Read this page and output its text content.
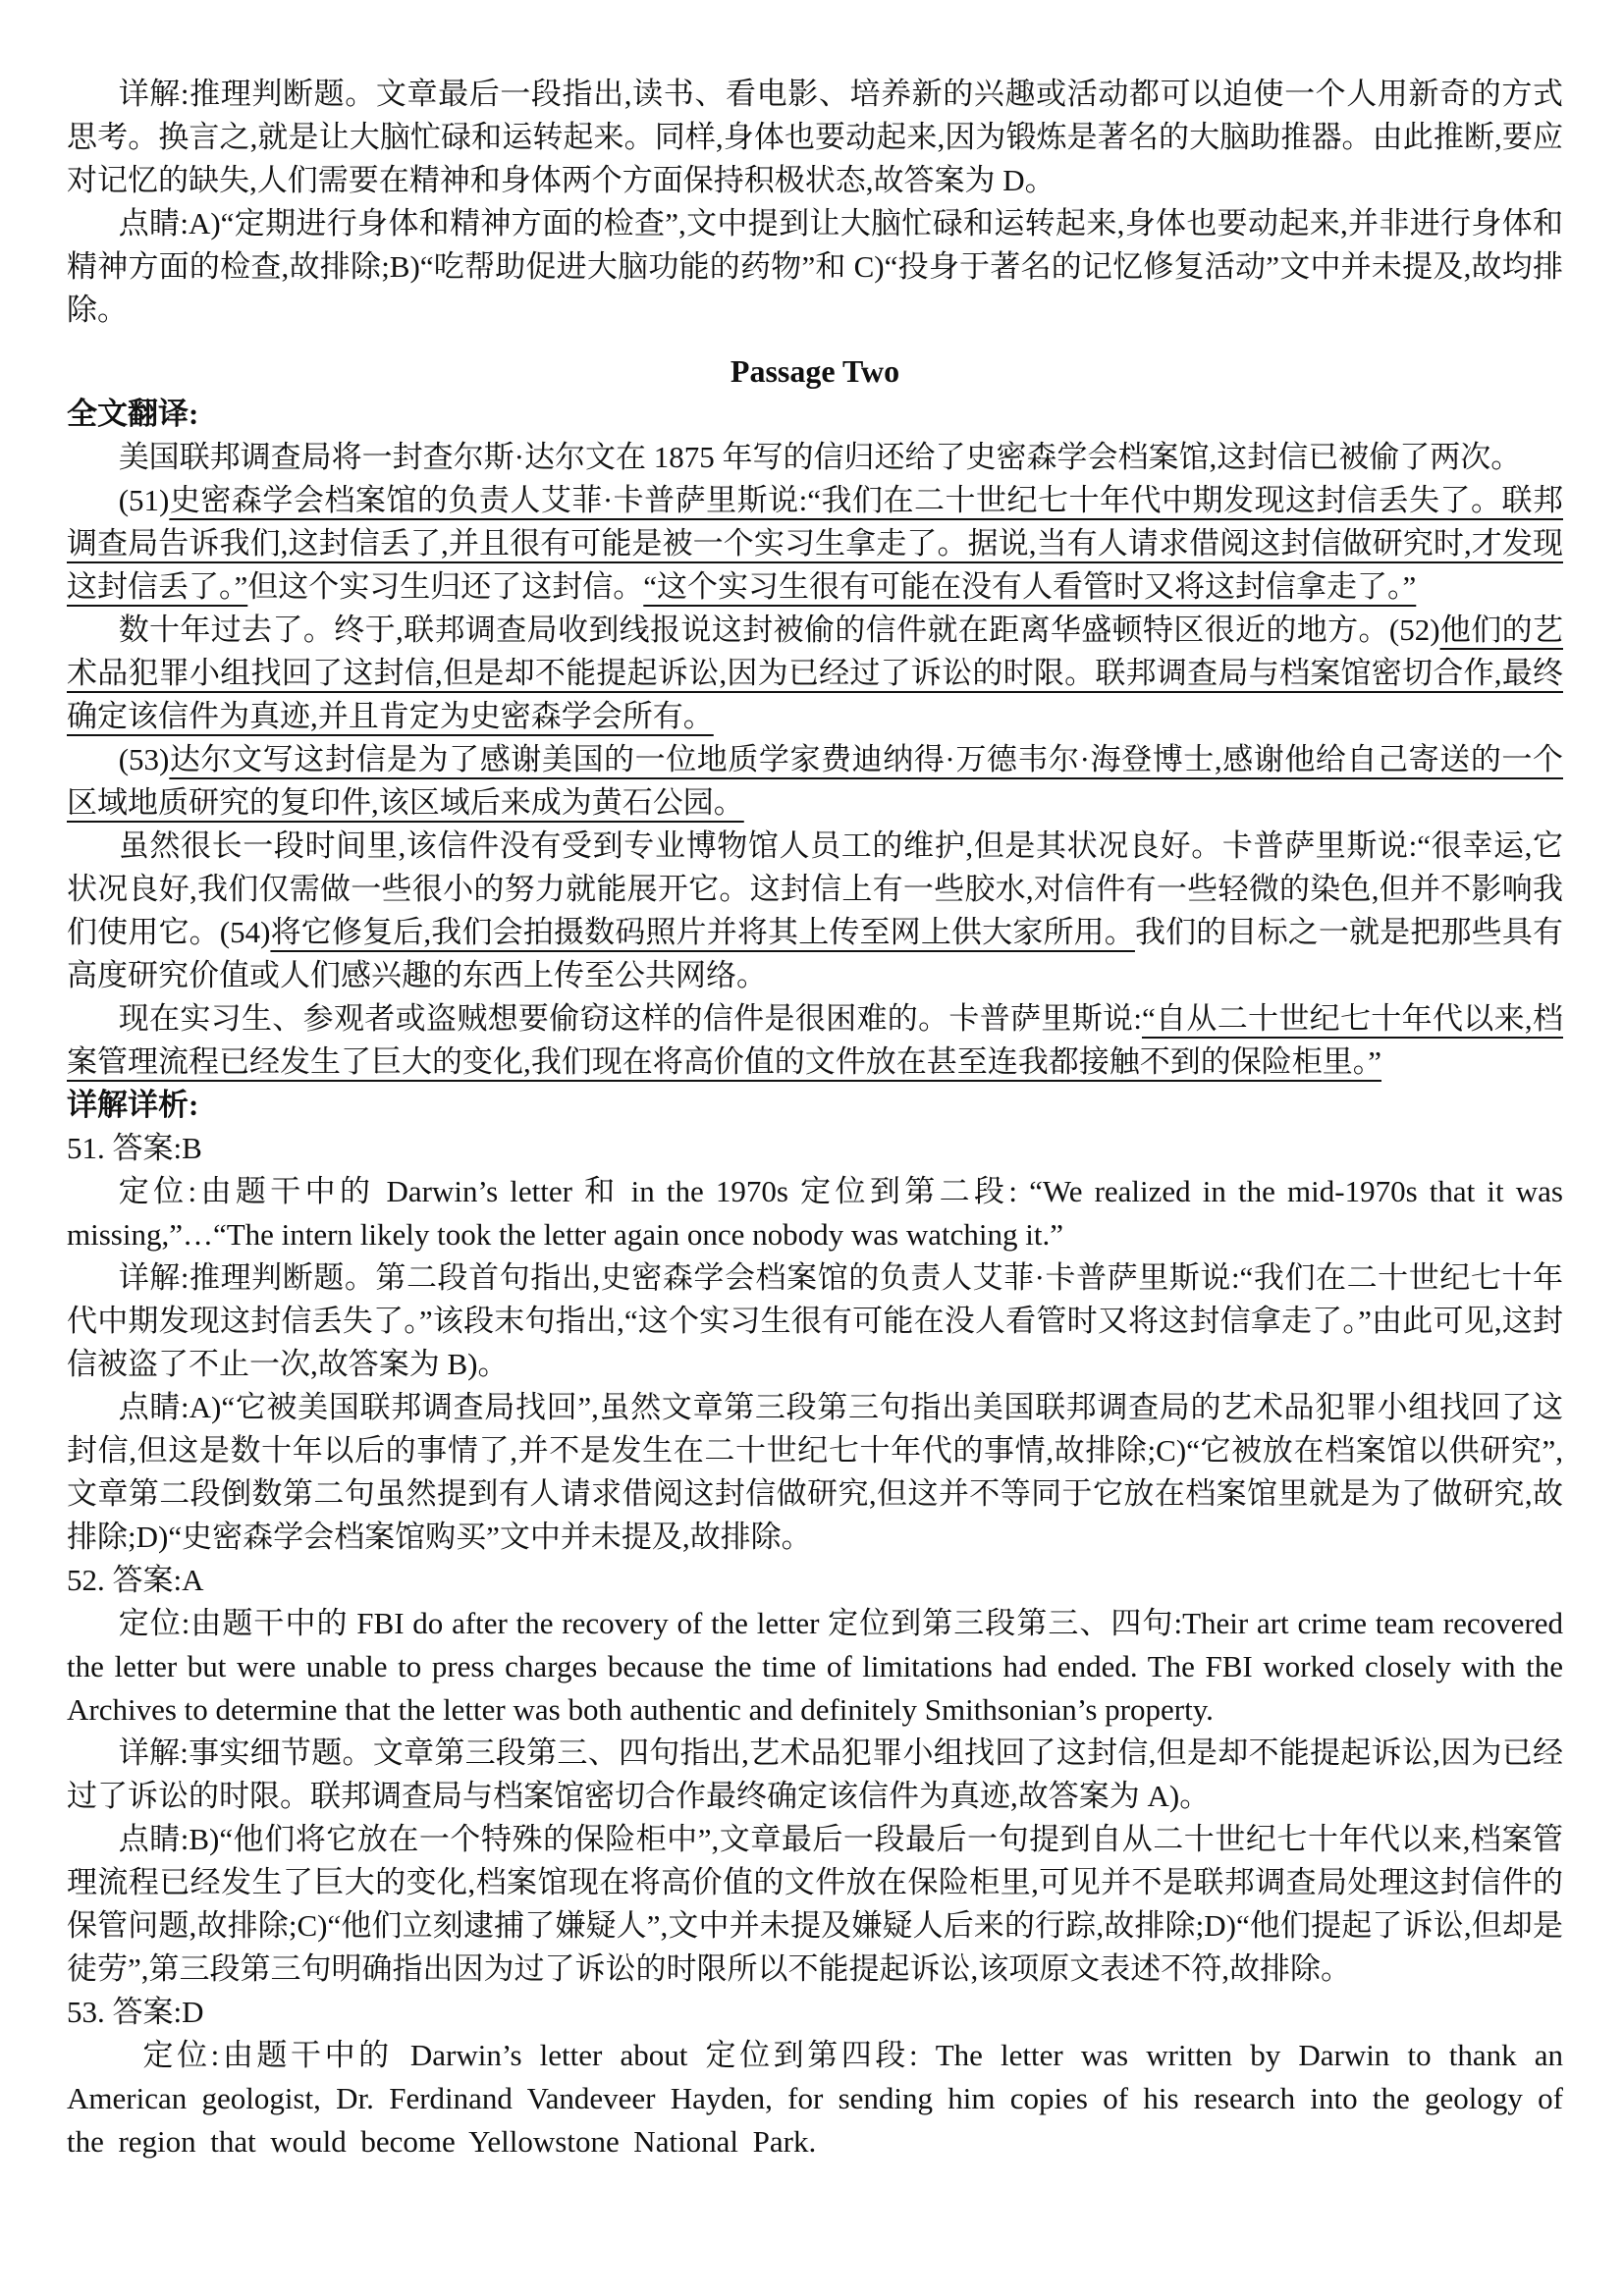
详解:推理判断题。文章最后一段指出,读书、看电影、培养新的兴趣或活动都可以迫使一个人用新奇的方式思考。换言之,就是让大脑忙碌和运转起来。同样,身体也要动起来,因为锻炼是著名的大脑助推器。由此推断,要应对记忆的缺失,人们需要在精神和身体两个方面保持积极状态,故答案为 D。

点睛:A)“定期进行身体和精神方面的检查”,文中提到让大脑忙碌和运转起来,身体也要动起来,并非进行身体和精神方面的检查,故排除;B)“吃帮助促进大脑功能的药物”和 C)“投身于著名的记忆修复活动”文中并未提及,故均排除。

Passage Two

全文翻译:

美国联邦调查局将一封查尔斯·达尔文在 1875 年写的信归还给了史密森学会档案馆,这封信已被偷了两次。

(51)史密森学会档案馆的负责人艾菲·卡普萨里斯说:“我们在二十世纪七十年代中期发现这封信丢失了。联邦调查局告诉我们,这封信丢了,并且很有可能是被一个实习生拿走了。据说,当有人请求借阅这封信做研究时,才发现这封信丢了。”但这个实习生归还了这封信。“这个实习生很有可能在没有人看管时又将这封信拿走了。”

数十年过去了。终于,联邦调查局收到线报说这封被偷的信件就在距离华盛顿特区很近的地方。(52)他们的艺术品犯罪小组找回了这封信,但是却不能提起诉讼,因为已经过了诉讼的时限。联邦调查局与档案馆密切合作,最终确定该信件为真迹,并且肯定为史密森学会所有。

(53)达尔文写这封信是为了感谢美国的一位地质学家费迪纳得·万德韦尔·海登博士,感谢他给自己寄送的一个区域地质研究的复印件,该区域后来成为黄石公园。

虽然很长一段时间里,该信件没有受到专业博物馆人员工的维护,但是其状况良好。卡普萨里斯说:“很幸运,它状况良好,我们仅需做一些很小的努力就能展开它。这封信上有一些胶水,对信件有一些轻微的染色,但并不影响我们使用它。(54)将它修复后,我们会拍摄数码照片并将其上传至网上供大家所用。我们的目标之一就是把那些具有高度研究价值或人们感兴趣的东西上传至公共网络。

现在实习生、参观者或盗贼想要偷窃这样的信件是很困难的。卡普萨里斯说:“自从二十世纪七十年代以来,档案管理流程已经发生了巨大的变化,我们现在将高价值的文件放在甚至连我都接触不到的保险柜里。”

详解详析:

51. 答案:B

定位:由题干中的 Darwin’s letter 和 in the 1970s 定位到第二段: “We realized in the mid-1970s that it was missing,”…“The intern likely took the letter again once nobody was watching it.”

详解:推理判断题。第二段首句指出,史密森学会档案馆的负责人艾菲·卡普萨里斯说:“我们在二十世纪七十年代中期发现这封信丢失了。”该段末句指出,“这个实习生很有可能在没人看管时又将这封信拿走了。”由此可见,这封信被盗了不止一次,故答案为 B)。

点睛:A)“它被美国联邦调查局找回”,虽然文章第三段第三句指出美国联邦调查局的艺术品犯罪小组找回了这封信,但这是数十年以后的事情了,并不是发生在二十世纪七十年代的事情,故排除;C)“它被放在档案馆以供研究”,文章第二段倒数第二句虽然提到有人请求借阅这封信做研究,但这并不等同于它放在档案馆里就是为了做研究,故排除;D)“史密森学会档案馆购买”文中并未提及,故排除。

52. 答案:A

定位:由题干中的 FBI do after the recovery of the letter 定位到第三段第三、四句:Their art crime team recovered the letter but were unable to press charges because the time of limitations had ended. The FBI worked closely with the Archives to determine that the letter was both authentic and definitely Smithsonian’s property.

详解:事实细节题。文章第三段第三、四句指出,艺术品犯罪小组找回了这封信,但是却不能提起诉讼,因为已经过了诉讼的时限。联邦调查局与档案馆密切合作最终确定该信件为真迹,故答案为 A)。

点睛:B)“他们将它放在一个特殊的保险柜中”,文章最后一段最后一句提到自从二十世纪七十年代以来,档案管理流程已经发生了巨大的变化,档案馆现在将高价值的文件放在保险柜里,可见并不是联邦调查局处理这封信件的保管问题,故排除;C)“他们立刻逮捕了嫌疑人”,文中并未提及嫌疑人后来的行踪,故排除;D)“他们提起了诉讼,但却是徒劳”,第三段第三句明确指出因为过了诉讼的时限所以不能提起诉讼,该项原文表述不符,故排除。

53. 答案:D

定位:由题干中的 Darwin’s letter about 定位到第四段: The letter was written by Darwin to thank an American geologist, Dr. Ferdinand Vandeveer Hayden, for sending him copies of his research into the geology of the region that would become Yellowstone National Park.
